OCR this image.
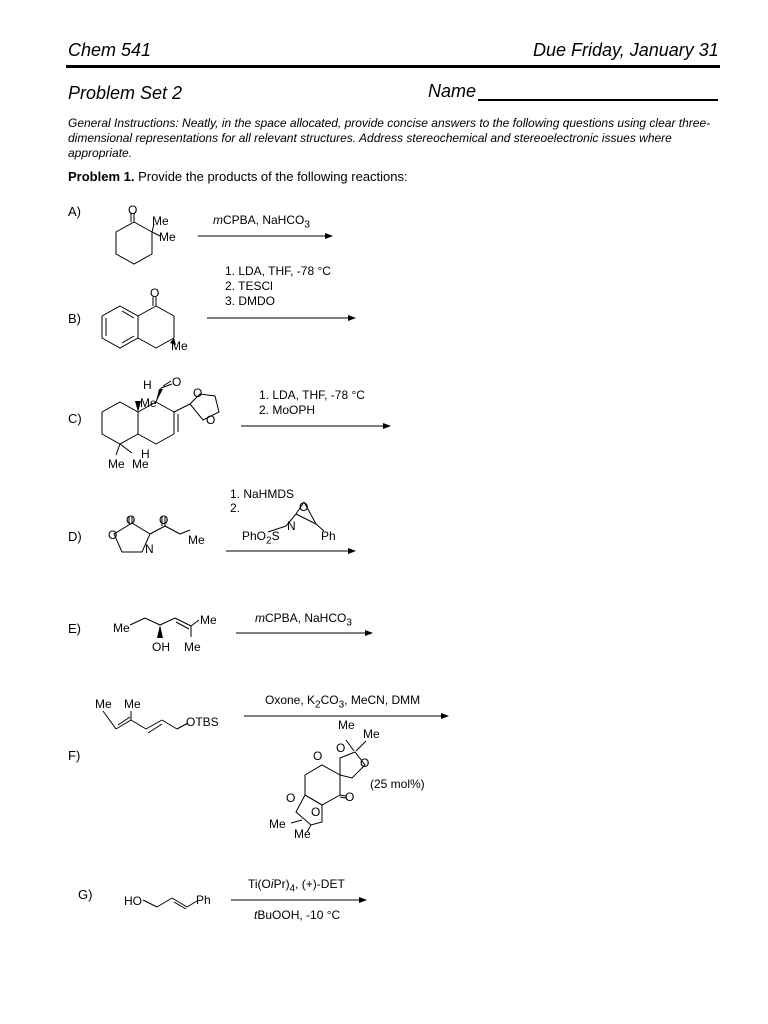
Chem 541	Due Friday, January 31
Problem Set 2	Name
General Instructions: Neatly, in the space allocated, provide concise answers to the following questions using clear three-dimensional representations for all relevant structures. Address stereochemical and stereoelectronic issues where appropriate.
Problem 1. Provide the products of the following reactions:
A)
B)
C)
D)
E)
F)
G)
mCPBA, NaHCO$_3$
1. LDA, THF, -78 °C
2. TESCl
3. DMDO
1. LDA, THF, -78 °C
2. MoOPH
1. NaHMDS
2.
PhO$_2$S
mCPBA, NaHCO$_3$
Oxone, $K_2CO_3$, MeCN, DMM
(25 mol%)
$Ti(OiPr)_4$, (+)-DET
tBuOOH, -10 °C
O
Me
Me
O
Me
H O
Me
O
O
H
Me Me
O O
O
N
Me
N
O
Ph
Me
Me
OH Me
Me Me
OTBS	Me
Me
O
O
O
O
O
O
Me
Me
HO	Ph
